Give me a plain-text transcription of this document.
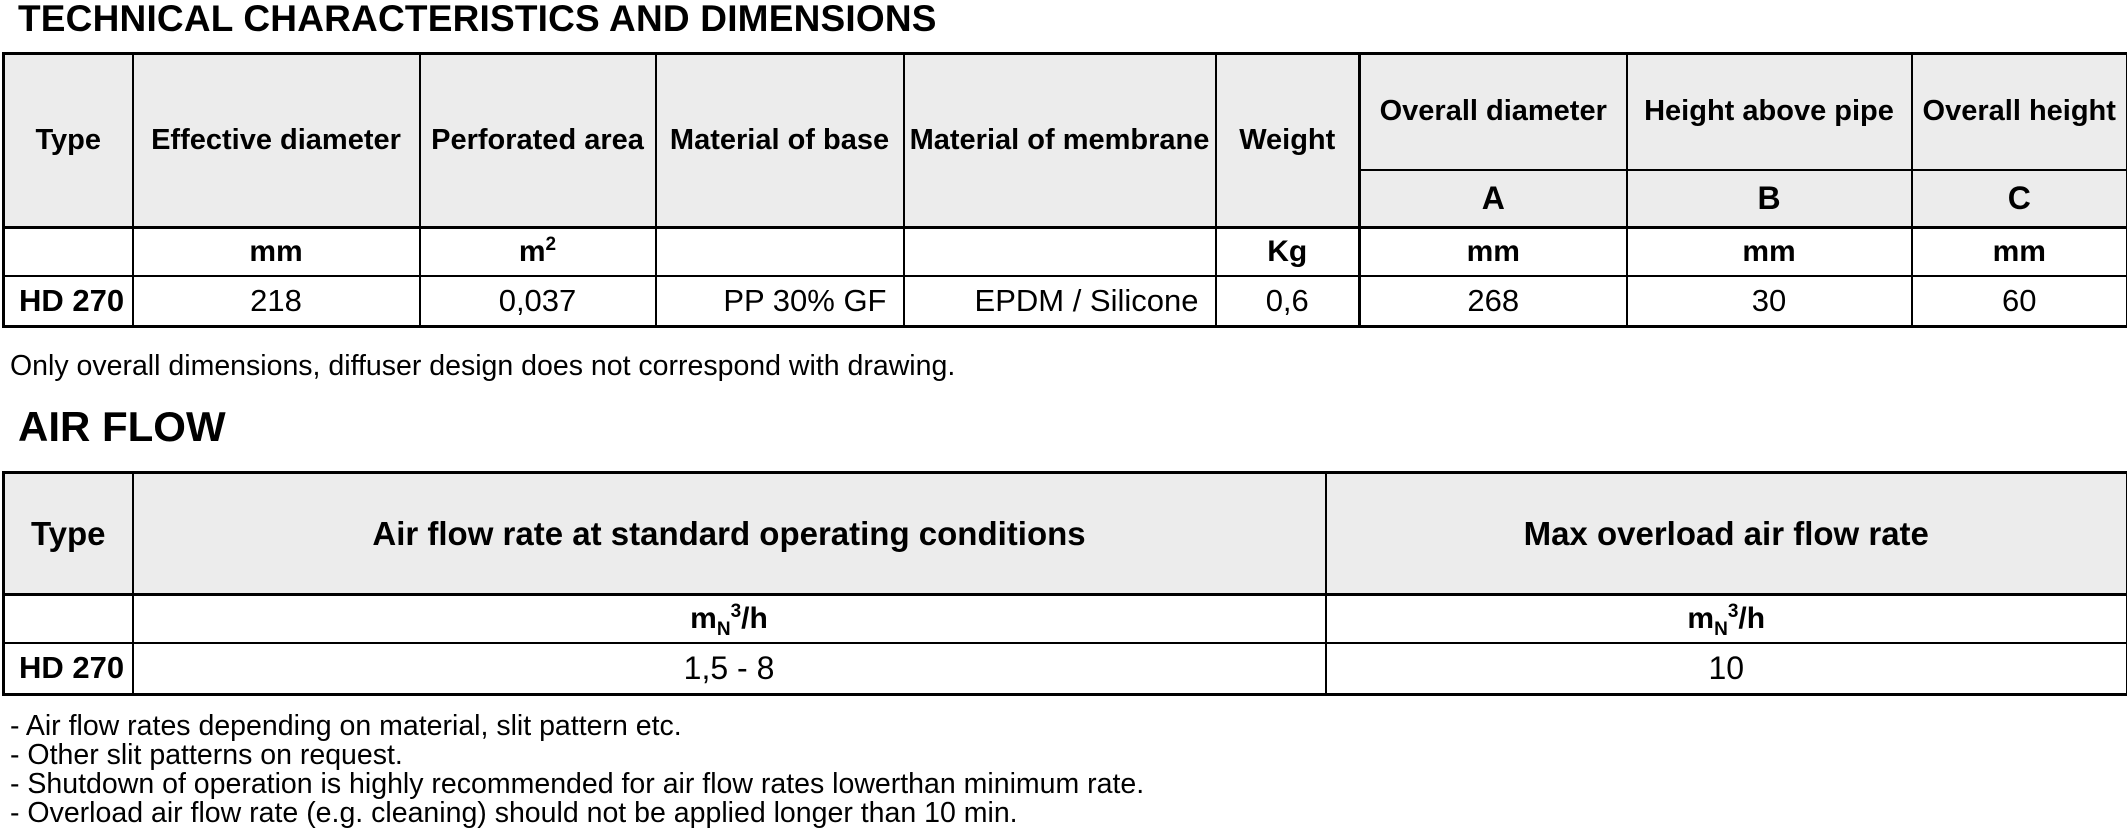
TECHNICAL CHARACTERISTICS AND DIMENSIONS
Type	Effective diameter	Perforated area	Material of base	Material of membrane	Weight	Overall diameter	Height above pipe	Overall height
						A	B	C
	mm	$m^2$			Kg	mm	mm	mm
HD 270	218	0,037	PP 30% GF	EPDM / Silicone	0,6	268	30	60

Only overall dimensions, diffuser design does not correspond with drawing.

AIR FLOW
Type	Air flow rate at standard operating conditions	Max overload air flow rate
	$m_N^3/h$	$m_N^3/h$
HD 270	1,5 - 8	10
- Air flow rates depending on material, slit pattern etc.
- Other slit patterns on request.
- Shutdown of operation is highly recommended for air flow rates lowerthan minimum rate.
- Overload air flow rate (e.g. cleaning) should not be applied longer than 10 min.
